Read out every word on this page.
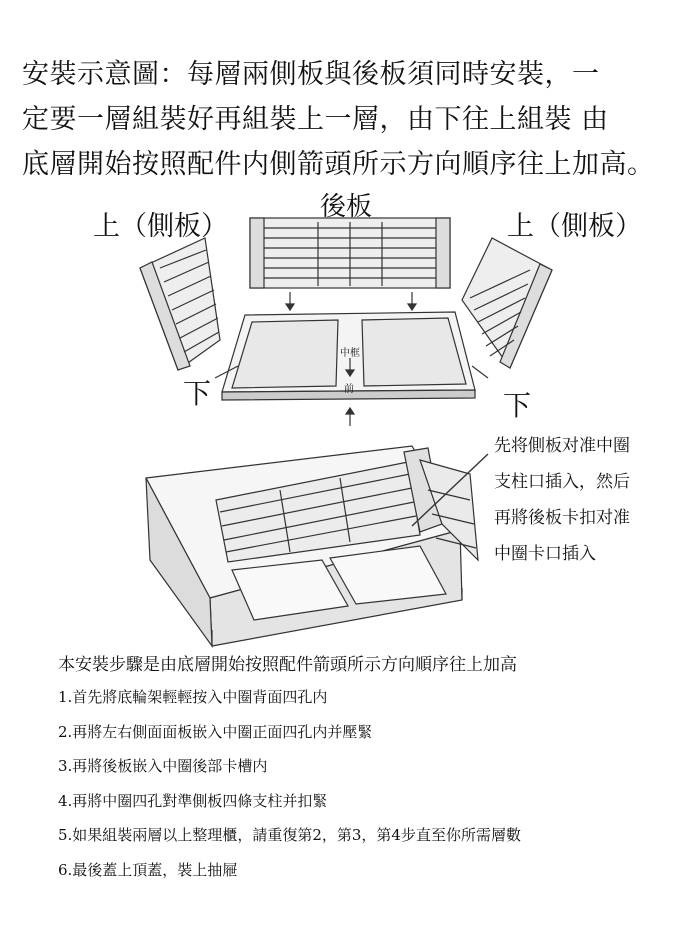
安裝示意圖：每層兩側板與後板須同時安裝，一
定要一層組裝好再組裝上一層，由下往上組裝 由
底層開始按照配件内側箭頭所示方向順序往上加高。
後板
上（側板）	上（側板）
下	下
中框
前
先将側板对准中圈
支柱口插入，然后
再將後板卡扣对准
中圈卡口插入
本安裝步驟是由底層開始按照配件箭頭所示方向順序往上加高
1.首先將底輪架輕輕按入中圈背面四孔内
2.再將左右側面面板嵌入中圈正面四孔内并壓緊
3.再將後板嵌入中圈後部卡槽内
4.再將中圈四孔對準側板四條支柱并扣緊
5.如果組裝兩層以上整理櫃，請重復第2，第3，第4步直至你所需層數
6.最後蓋上頂蓋，裝上抽屜
